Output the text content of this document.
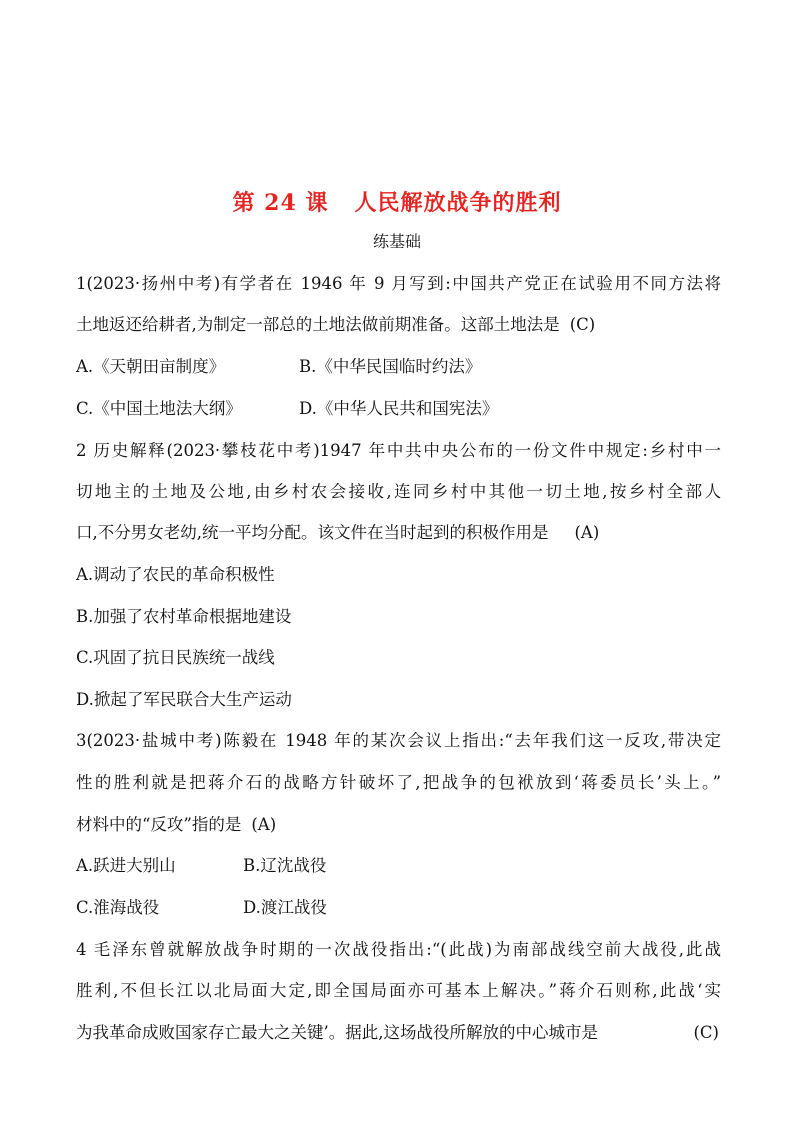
第 24 课 人民解放战争的胜利
练基础
1(2023·扬州中考)有学者在 1946 年 9 月写到:中国共产党正在试验用不同方法将
土地返还给耕者,为制定一部总的土地法做前期准备。这部土地法是 (C)
A.《天朝田亩制度》	B.《中华民国临时约法》
C.《中国土地法大纲》	D.《中华人民共和国宪法》
2 历史解释(2023·攀枝花中考)1947 年中共中央公布的一份文件中规定:乡村中一
切地主的土地及公地,由乡村农会接收,连同乡村中其他一切土地,按乡村全部人
口,不分男女老幼,统一平均分配。该文件在当时起到的积极作用是 (A)
A.调动了农民的革命积极性
B.加强了农村革命根据地建设
C.巩固了抗日民族统一战线
D.掀起了军民联合大生产运动
3(2023·盐城中考)陈毅在 1948 年的某次会议上指出:“去年我们这一反攻,带决定
性的胜利就是把蒋介石的战略方针破坏了,把战争的包袱放到‘蒋委员长’头上。”
材料中的“反攻”指的是 (A)
A.跃进大别山	B.辽沈战役
C.淮海战役	D.渡江战役
4 毛泽东曾就解放战争时期的一次战役指出:“(此战)为南部战线空前大战役,此战
胜利,不但长江以北局面大定,即全国局面亦可基本上解决。”蒋介石则称,此战‘实
为我革命成败国家存亡最大之关键’。据此,这场战役所解放的中心城市是	(C)
